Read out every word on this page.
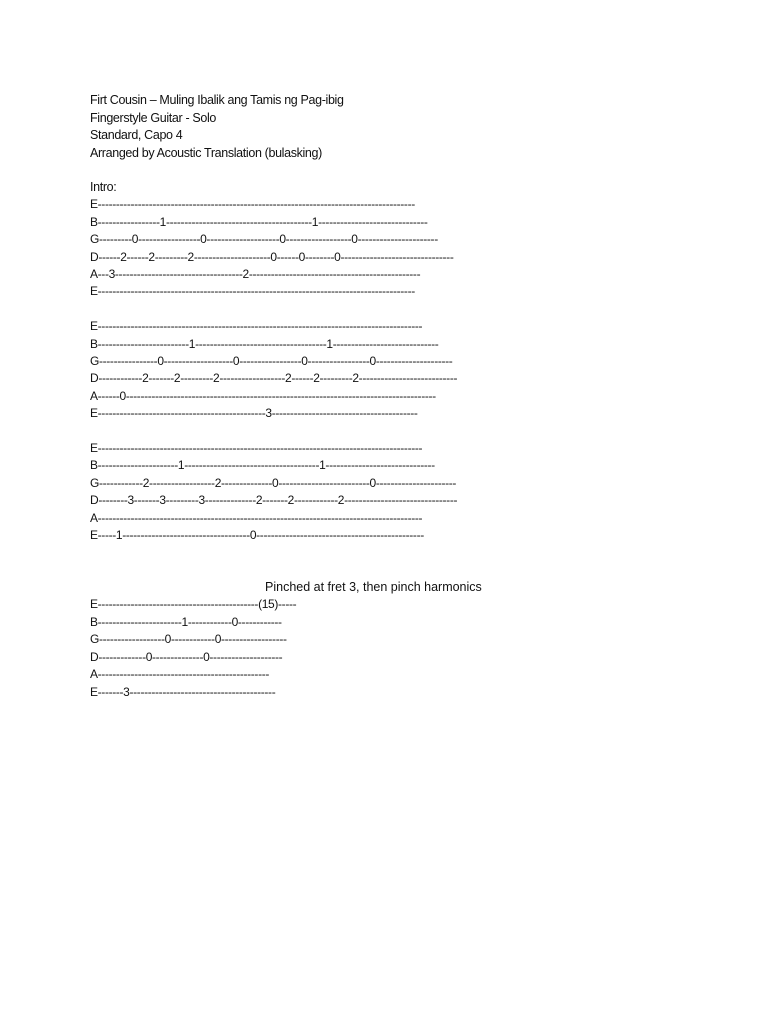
Firt Cousin – Muling Ibalik ang Tamis ng Pag-ibig
Fingerstyle Guitar - Solo
Standard, Capo 4
Arranged by Acoustic Translation (bulasking)
Intro:
E---------------------------------------------------------------------------------------
B-----------------1----------------------------------------1------------------------------
G---------0-----------------0--------------------0------------------0----------------------
D------2------2---------2---------------------0------0--------0-------------------------------
A---3-----------------------------------2-----------------------------------------------
E---------------------------------------------------------------------------------------
E-----------------------------------------------------------------------------------------
B-------------------------1------------------------------------1-----------------------------
G----------------0-------------------0-----------------0-----------------0---------------------
D------------2-------2---------2------------------2------2---------2---------------------------
A------0-------------------------------------------------------------------------------------
E----------------------------------------------3----------------------------------------
E-----------------------------------------------------------------------------------------
B----------------------1-------------------------------------1------------------------------
G------------2------------------2--------------0-------------------------0----------------------
D--------3-------3---------3--------------2-------2------------2-------------------------------
A-----------------------------------------------------------------------------------------
E-----1-----------------------------------0----------------------------------------------
Pinched at fret 3, then pinch harmonics
E--------------------------------------------(15)-----
B-----------------------1------------0------------
G------------------0------------0------------------
D-------------0--------------0--------------------
A-----------------------------------------------
E-------3----------------------------------------
